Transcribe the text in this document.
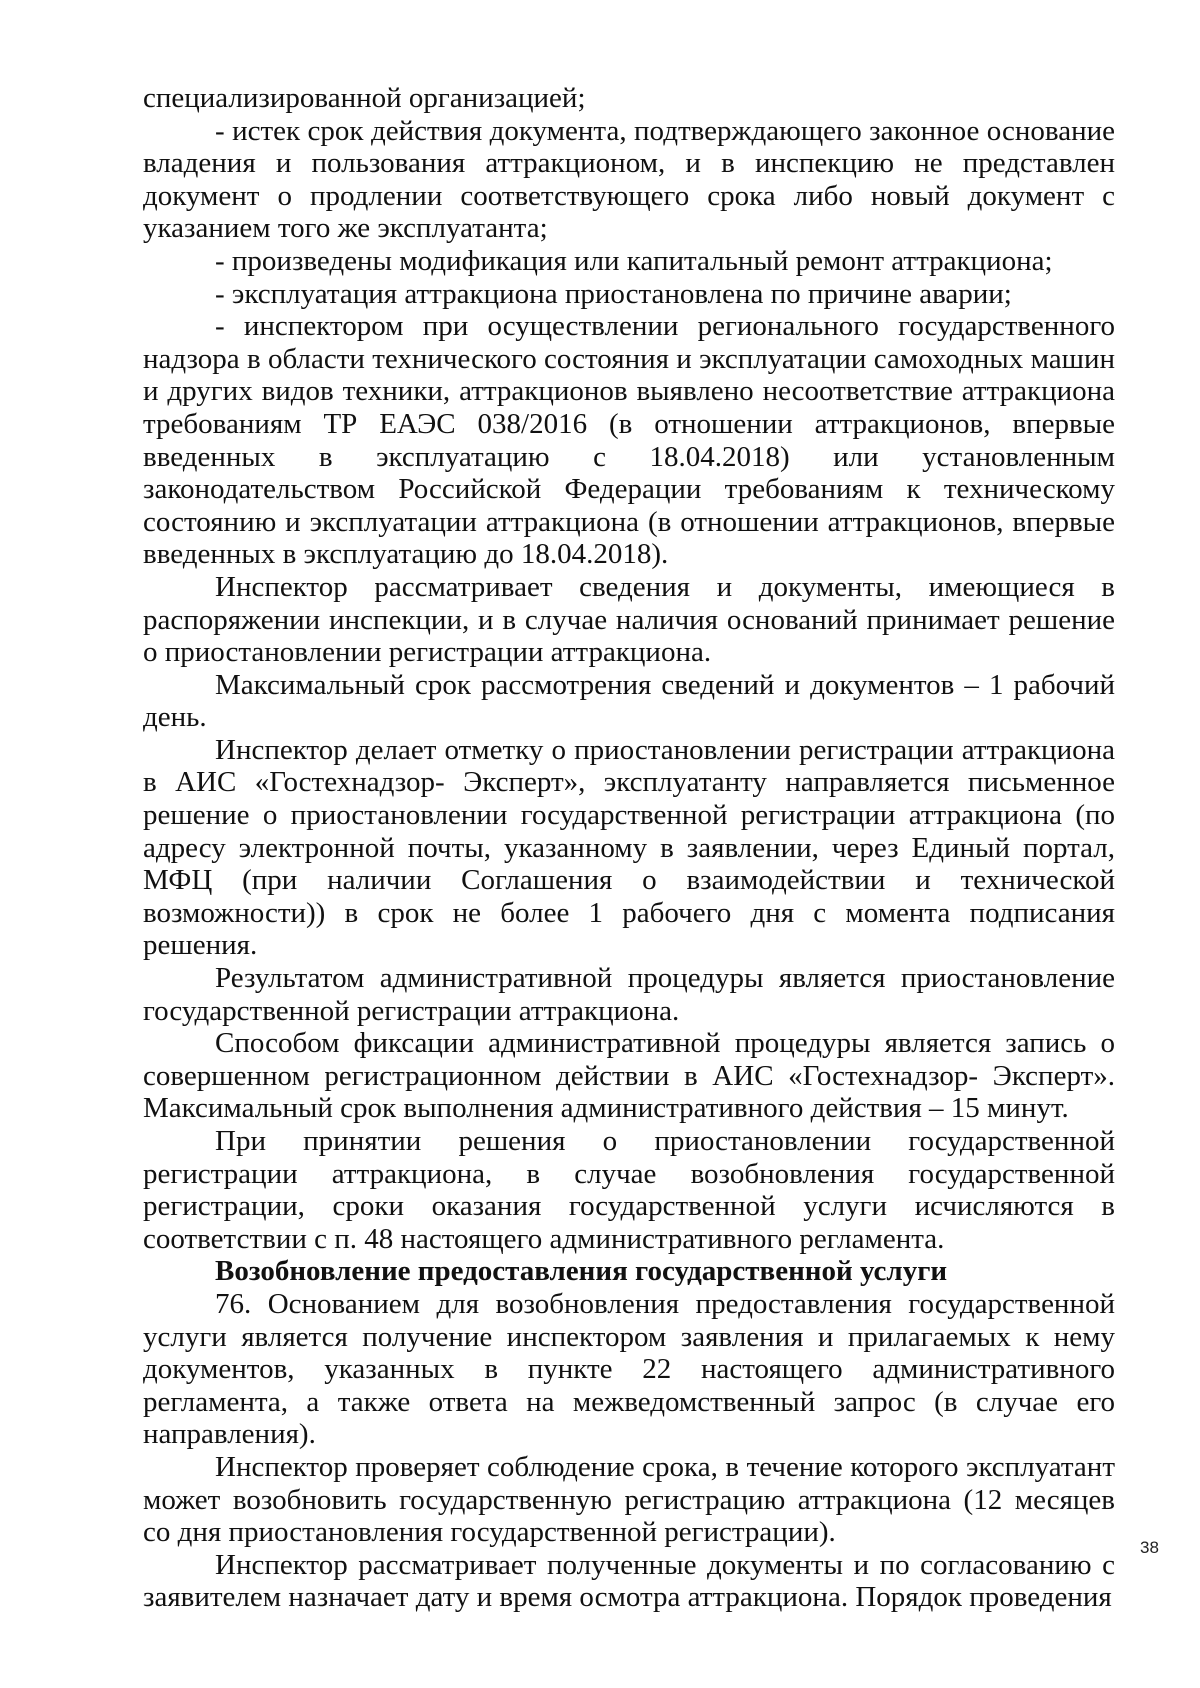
специализированной организацией;

- истек срок действия документа, подтверждающего законное основание владения и пользования аттракционом, и в инспекцию не представлен документ о продлении соответствующего срока либо новый документ с указанием того же эксплуатанта;

- произведены модификация или капитальный ремонт аттракциона;

- эксплуатация аттракциона приостановлена по причине аварии;

- инспектором при осуществлении регионального государственного надзора в области технического состояния и эксплуатации самоходных машин и других видов техники, аттракционов выявлено несоответствие аттракциона требованиям ТР ЕАЭС 038/2016 (в отношении аттракционов, впервые введенных в эксплуатацию с 18.04.2018) или установленным законодательством Российской Федерации требованиям к техническому состоянию и эксплуатации аттракциона (в отношении аттракционов, впервые введенных в эксплуатацию до 18.04.2018).

Инспектор рассматривает сведения и документы, имеющиеся в распоряжении инспекции, и в случае наличия оснований принимает решение о приостановлении регистрации аттракциона.

Максимальный срок рассмотрения сведений и документов – 1 рабочий день.

Инспектор делает отметку о приостановлении регистрации аттракциона в АИС «Гостехнадзор- Эксперт», эксплуатанту направляется письменное решение о приостановлении государственной регистрации аттракциона (по адресу электронной почты, указанному в заявлении, через Единый портал, МФЦ (при наличии Соглашения о взаимодействии и технической возможности)) в срок не более 1 рабочего дня с момента подписания решения.

Результатом административной процедуры является приостановление государственной регистрации аттракциона.

Способом фиксации административной процедуры является запись о совершенном регистрационном действии в АИС «Гостехнадзор- Эксперт». Максимальный срок выполнения административного действия – 15 минут.

При принятии решения о приостановлении государственной регистрации аттракциона, в случае возобновления государственной регистрации, сроки оказания государственной услуги исчисляются в соответствии с п. 48 настоящего административного регламента.

Возобновление предоставления государственной услуги

76. Основанием для возобновления предоставления государственной услуги является получение инспектором заявления и прилагаемых к нему документов, указанных в пункте 22 настоящего административного регламента, а также ответа на межведомственный запрос (в случае его направления).

Инспектор проверяет соблюдение срока, в течение которого эксплуатант может возобновить государственную регистрацию аттракциона (12 месяцев со дня приостановления государственной регистрации).

Инспектор рассматривает полученные документы и по согласованию с заявителем назначает дату и время осмотра аттракциона. Порядок проведения

38
